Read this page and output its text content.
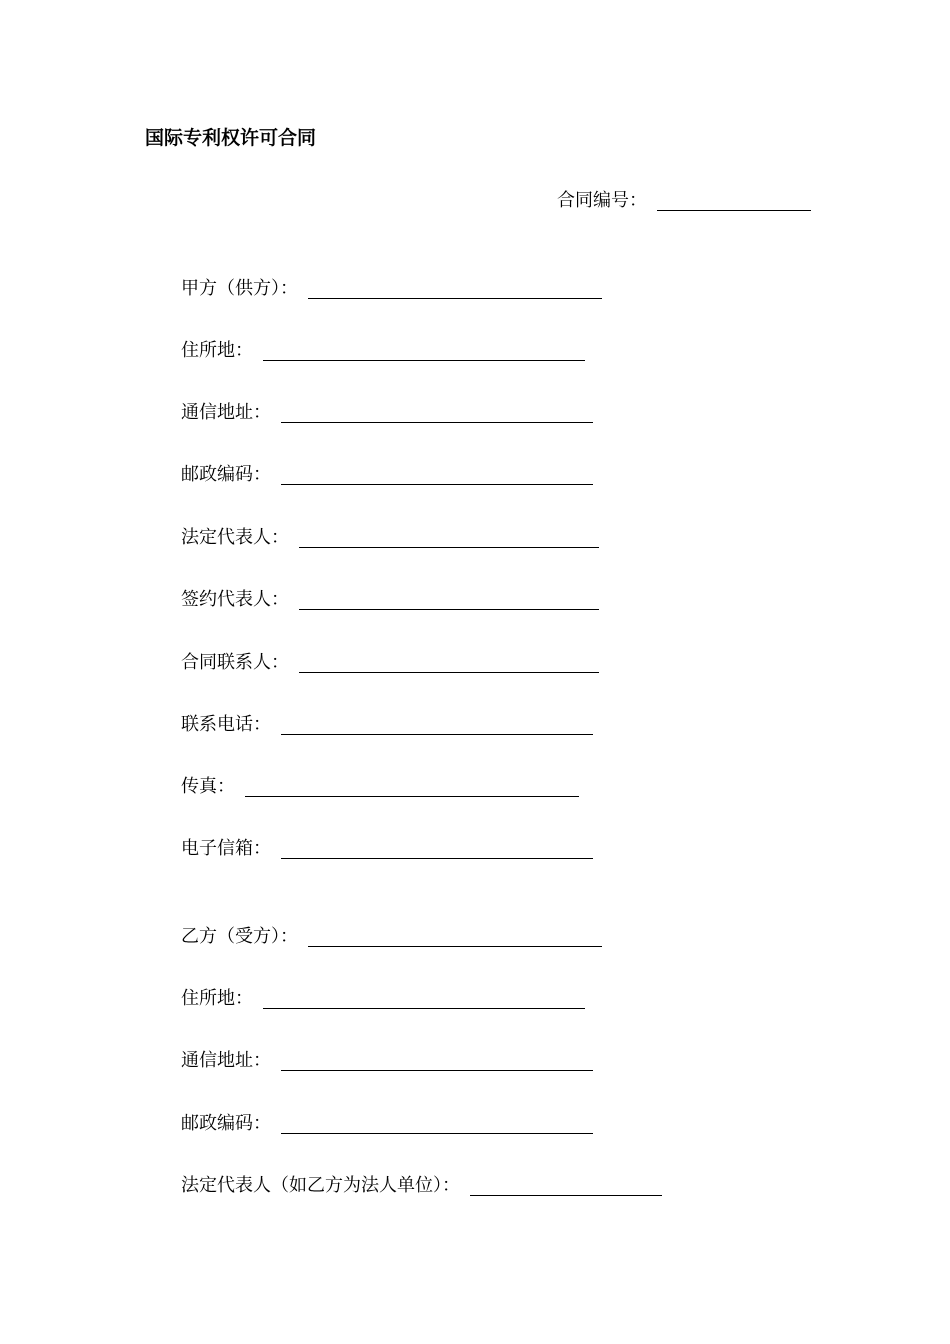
国际专利权许可合同
合同编号：
甲方（供方）：
住所地：
通信地址：
邮政编码：
法定代表人：
签约代表人：
合同联系人：
联系电话：
传真：
电子信箱：
乙方（受方）：
住所地：
通信地址：
邮政编码：
法定代表人（如乙方为法人单位）：
